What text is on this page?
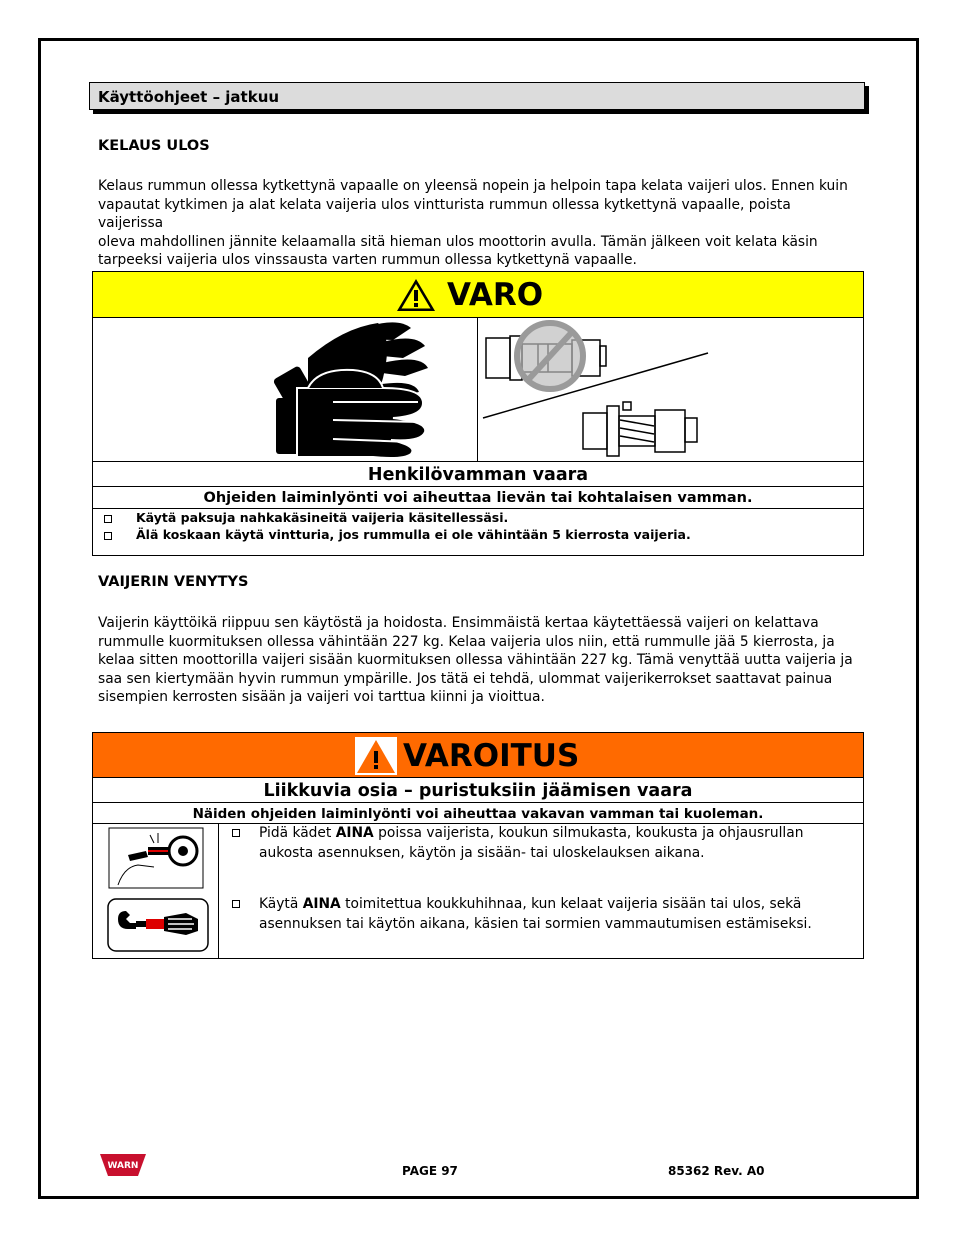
Käyttöohjeet – jatkuu
KELAUS ULOS
Kelaus rummun ollessa kytkettynä vapaalle on yleensä nopein ja helpoin tapa kelata vaijeri ulos. Ennen kuin
vapautat kytkimen ja alat kelata vaijeria ulos vintturista rummun ollessa kytkettynä vapaalle, poista vaijerissa
oleva mahdollinen jännite kelaamalla sitä hieman ulos moottorin avulla. Tämän jälkeen voit kelata käsin
tarpeeksi vaijeria ulos vinssausta varten rummun ollessa kytkettynä vapaalle.
VARO
Henkilövamman vaara
Ohjeiden laiminlyönti voi aiheuttaa lievän tai kohtalaisen vamman.
Käytä paksuja nahkakäsineitä vaijeria käsitellessäsi.
Älä koskaan käytä vintturia, jos rummulla ei ole vähintään 5 kierrosta vaijeria.
VAIJERIN VENYTYS
Vaijerin käyttöikä riippuu sen käytöstä ja hoidosta. Ensimmäistä kertaa käytettäessä vaijeri on kelattava
rummulle kuormituksen ollessa vähintään 227 kg. Kelaa vaijeria ulos niin, että rummulle jää 5 kierrosta, ja
kelaa sitten moottorilla vaijeri sisään kuormituksen ollessa vähintään 227 kg. Tämä venyttää uutta vaijeria ja
saa sen kiertymään hyvin rummun ympärille. Jos tätä ei tehdä, ulommat vaijerikerrokset saattavat painua
sisempien kerrosten sisään ja vaijeri voi tarttua kiinni ja vioittua.
VAROITUS
Liikkuvia osia – puristuksiin jäämisen vaara
Näiden ohjeiden laiminlyönti voi aiheuttaa vakavan vamman tai kuoleman.
Pidä kädet AINA poissa vaijerista, koukun silmukasta, koukusta ja ohjausrullan aukosta asennuksen, käytön ja sisään- tai uloskelauksen aikana.
Käytä AINA toimitettua koukkuhihnaa, kun kelaat vaijeria sisään tai ulos, sekä asennuksen tai käytön aikana, käsien tai sormien vammautumisen estämiseksi.
WARN	PAGE 97	85362 Rev. A0
